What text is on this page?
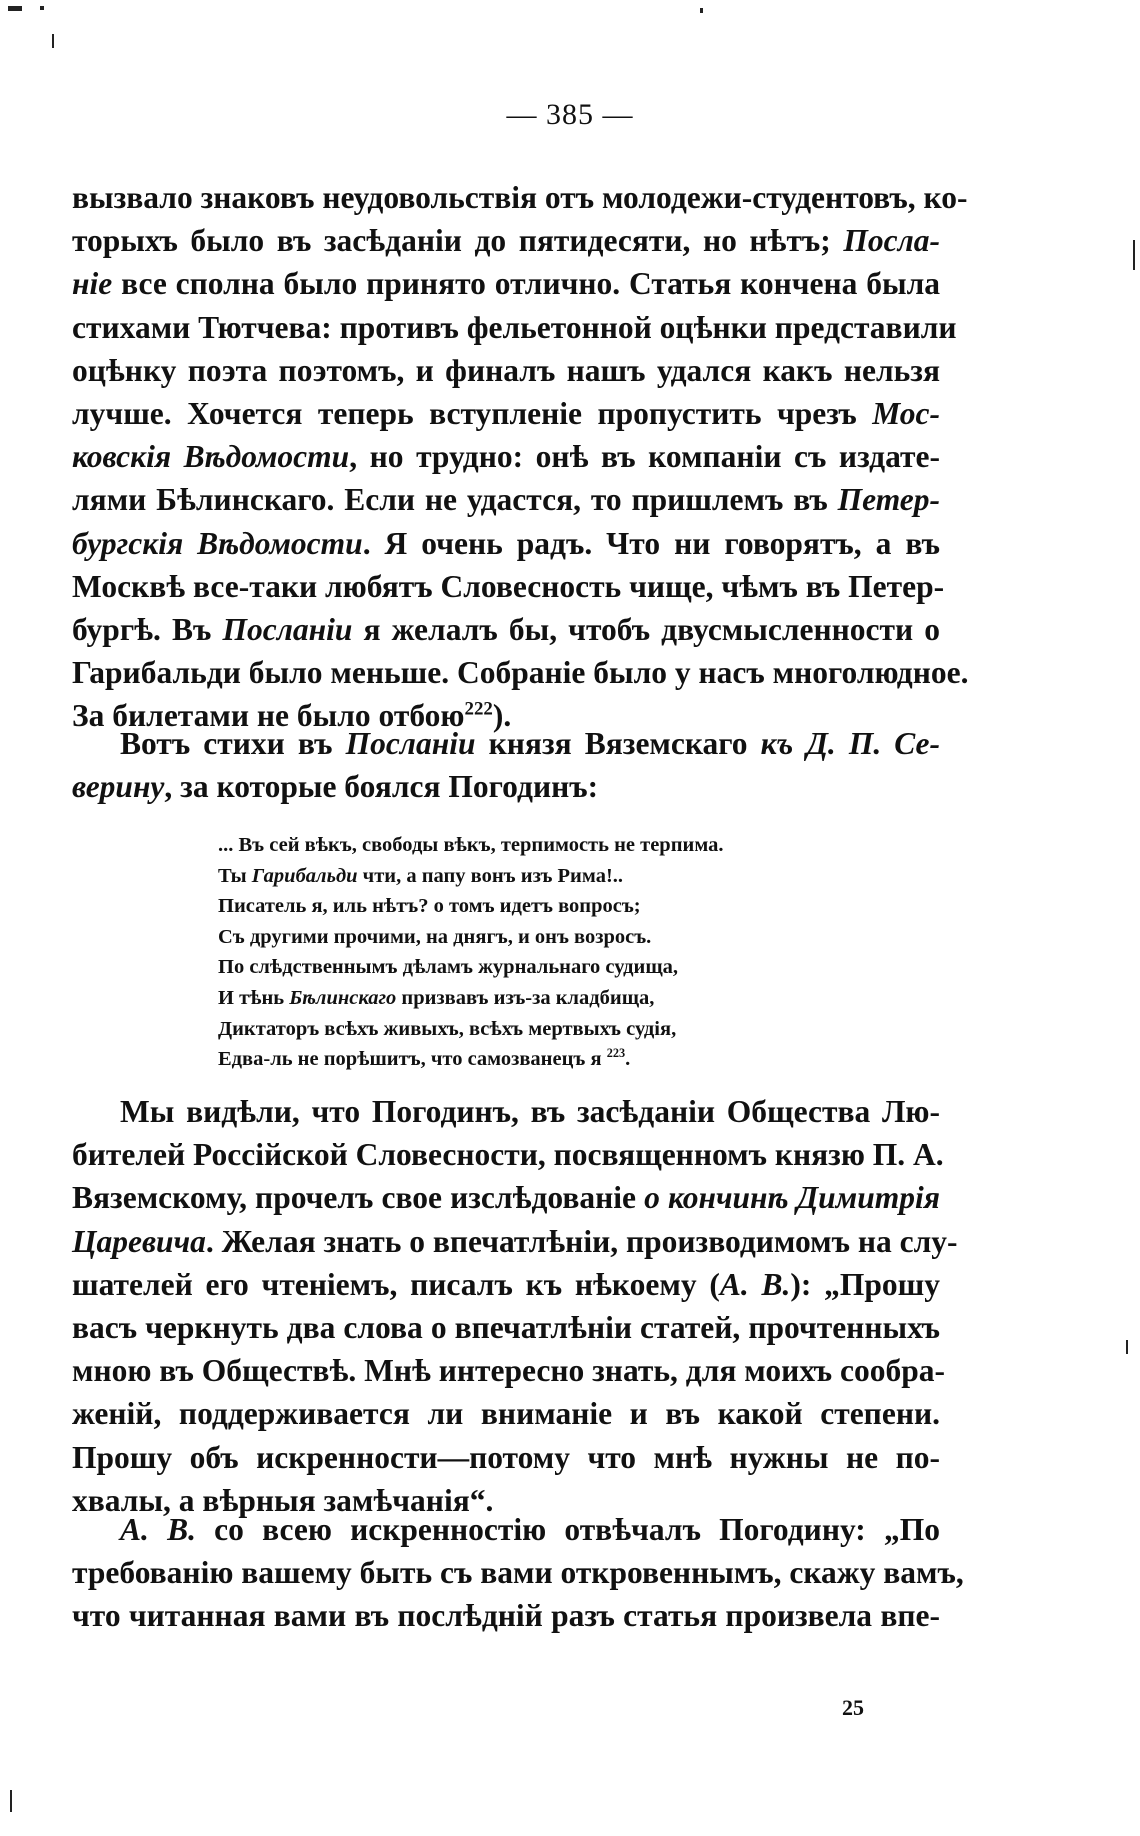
— 385 —
вызвало знаковъ неудовольствія отъ молодежи-студентовъ, ко-
торыхъ было въ засѣданіи до пятидесяти, но нѣтъ; Посла-
нiе все сполна было принято отлично. Статья кончена была
стихами Тютчева: противъ фельетонной оцѣнки представили
оцѣнку поэта поэтомъ, и финалъ нашъ удался какъ нельзя
лучше. Хочется теперь вступленіе пропустить чрезъ Мос-
ковскія Вѣдомости, но трудно: онѣ въ компаніи съ издате-
лями Бѣлинскаго. Если не удастся, то пришлемъ въ Петер-
бургскія Вѣдомости. Я очень радъ. Что ни говорятъ, а въ
Москвѣ все-таки любятъ Словесность чище, чѣмъ въ Петер-
бургѣ. Въ Посланіи я желалъ бы, чтобъ двусмысленности о
Гарибальди было меньше. Собраніе было у насъ многолюдное.
За билетами не было отбою$^{222}$).
Вотъ стихи въ Посланіи князя Вяземскаго къ Д. П. Се-
верину, за которые боялся Погодинъ:
... Въ сей вѣкъ, свободы вѣкъ, терпимость не терпима.
Ты Гарибальди чти, а папу вонъ изъ Рима!..
Писатель я, иль нѣтъ? о томъ идетъ вопросъ;
Съ другими прочими, на днягъ, и онъ возросъ.
По слѣдственнымъ дѣламъ журнальнаго судища,
И тѣнь Бѣлинскаго призвавъ изъ-за кладбища,
Диктаторъ всѣхъ живыхъ, всѣхъ мертвыхъ судія,
Едва-ль не порѣшитъ, что самозванецъ я $^{223}$.
Мы видѣли, что Погодинъ, въ засѣданіи Общества Лю-
бителей Россійской Словесности, посвященномъ князю П. А.
Вяземскому, прочелъ свое изслѣдованіе о кончинѣ Димитрія
Царевича. Желая знать о впечатлѣніи, производимомъ на слу-
шателей его чтеніемъ, писалъ къ нѣкоему (А. В.): „Прошу
васъ черкнуть два слова о впечатлѣніи статей, прочтенныхъ
мною въ Обществѣ. Мнѣ интересно знать, для моихъ сообра-
женій, поддерживается ли вниманіе и въ какой степени.
Прошу объ искренности—потому что мнѣ нужны не по-
хвалы, а вѣрныя замѣчанія“.
А. В. со всею искренностію отвѣчалъ Погодину: „По
требованію вашему быть съ вами откровеннымъ, скажу вамъ,
что читанная вами въ послѣдній разъ статья произвела впе-
25
